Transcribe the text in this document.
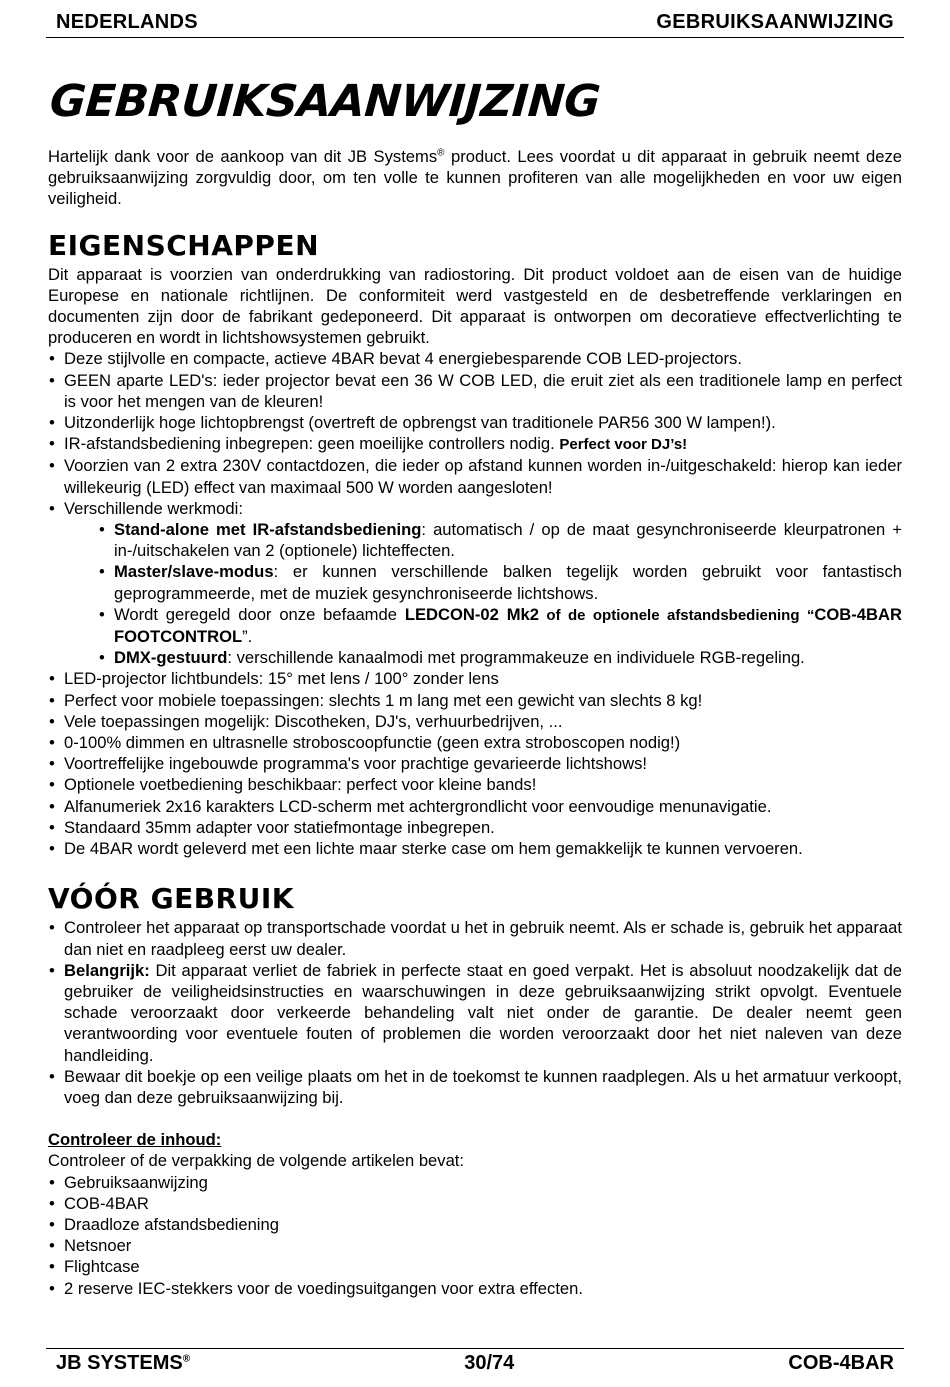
NEDERLANDS	GEBRUIKSAANWIJZING
GEBRUIKSAANWIJZING

Hartelijk dank voor de aankoop van dit JB Systems® product. Lees voordat u dit apparaat in gebruik neemt deze gebruiksaanwijzing zorgvuldig door, om ten volle te kunnen profiteren van alle mogelijkheden en voor uw eigen veiligheid.

EIGENSCHAPPEN

Dit apparaat is voorzien van onderdrukking van radiostoring. Dit product voldoet aan de eisen van de huidige Europese en nationale richtlijnen. De conformiteit werd vastgesteld en de desbetreffende verklaringen en documenten zijn door de fabrikant gedeponeerd. Dit apparaat is ontworpen om decoratieve effectverlichting te produceren en wordt in lichtshowsystemen gebruikt.

• Deze stijlvolle en compacte, actieve 4BAR bevat 4 energiebesparende COB LED-projectors.
• GEEN aparte LED's: ieder projector bevat een 36 W COB LED, die eruit ziet als een traditionele lamp en perfect is voor het mengen van de kleuren!
• Uitzonderlijk hoge lichtopbrengst (overtreft de opbrengst van traditionele PAR56 300 W lampen!).
• IR-afstandsbediening inbegrepen: geen moeilijke controllers nodig. Perfect voor DJ’s!
• Voorzien van 2 extra 230V contactdozen, die ieder op afstand kunnen worden in-/uitgeschakeld: hierop kan ieder willekeurig (LED) effect van maximaal 500 W worden aangesloten!
• Verschillende werkmodi:
• Stand-alone met IR-afstandsbediening: automatisch / op de maat gesynchroniseerde kleurpatronen + in-/uitschakelen van 2 (optionele) lichteffecten.
• Master/slave-modus: er kunnen verschillende balken tegelijk worden gebruikt voor fantastisch geprogrammeerde, met de muziek gesynchroniseerde lichtshows.
• Wordt geregeld door onze befaamde LEDCON-02 Mk2 of de optionele afstandsbediening “COB-4BAR FOOTCONTROL”.
• DMX-gestuurd: verschillende kanaalmodi met programmakeuze en individuele RGB-regeling.
• LED-projector lichtbundels: 15° met lens / 100° zonder lens
• Perfect voor mobiele toepassingen: slechts 1 m lang met een gewicht van slechts 8 kg!
• Vele toepassingen mogelijk: Discotheken, DJ's, verhuurbedrijven, ...
• 0-100% dimmen en ultrasnelle stroboscoopfunctie (geen extra stroboscopen nodig!)
• Voortreffelijke ingebouwde programma's voor prachtige gevarieerde lichtshows!
• Optionele voetbediening beschikbaar: perfect voor kleine bands!
• Alfanumeriek 2x16 karakters LCD-scherm met achtergrondlicht voor eenvoudige menunavigatie.
• Standaard 35mm adapter voor statiefmontage inbegrepen.
• De 4BAR wordt geleverd met een lichte maar sterke case om hem gemakkelijk te kunnen vervoeren.
VÓÓR GEBRUIK
• Controleer het apparaat op transportschade voordat u het in gebruik neemt. Als er schade is, gebruik het apparaat dan niet en raadpleeg eerst uw dealer.
• Belangrijk: Dit apparaat verliet de fabriek in perfecte staat en goed verpakt. Het is absoluut noodzakelijk dat de gebruiker de veiligheidsinstructies en waarschuwingen in deze gebruiksaanwijzing strikt opvolgt. Eventuele schade veroorzaakt door verkeerde behandeling valt niet onder de garantie. De dealer neemt geen verantwoording voor eventuele fouten of problemen die worden veroorzaakt door het niet naleven van deze handleiding.
• Bewaar dit boekje op een veilige plaats om het in de toekomst te kunnen raadplegen. Als u het armatuur verkoopt, voeg dan deze gebruiksaanwijzing bij.

Controleer de inhoud:

Controleer of de verpakking de volgende artikelen bevat:

• Gebruiksaanwijzing
• COB-4BAR
• Draadloze afstandsbediening
• Netsnoer
• Flightcase
• 2 reserve IEC-stekkers voor de voedingsuitgangen voor extra effecten.
JB SYSTEMS®	30/74	COB-4BAR
